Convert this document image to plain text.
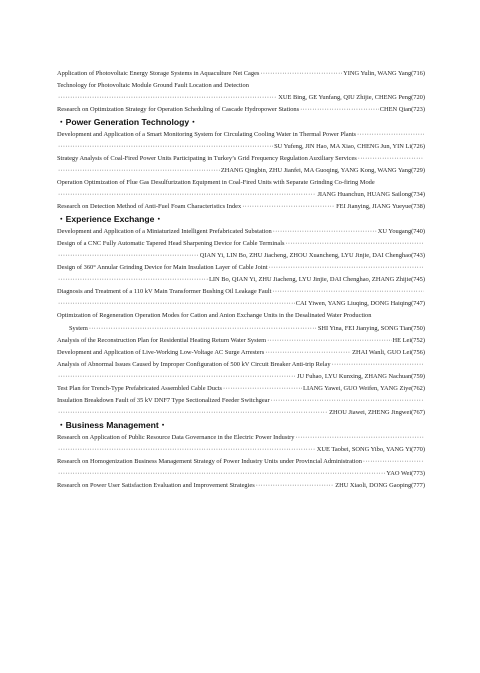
Application of Photovoltaic Energy Storage Systems in Aquaculture Net Cages ·····	YING Yulin, WANG Yang(716)
Technology for Photovoltaic Module Ground Fault Location and Detection
·····
XUE Bing, GE Yunfang, QIU Zhijie, CHENG Peng(720)
Research on Optimization Strategy for Operation Scheduling of Cascade Hydropower Stations ·····	CHEN Qian(723)
・Power Generation Technology・
Development and Application of a Smart Monitoring System for Circulating Cooling Water in Thermal Power Plants
·····
·····
SU Yufeng, JIN Hao, MA Xiao, CHENG Jun, YIN Li(726)
Strategy Analysis of Coal-Fired Power Units Participating in Turkey’s Grid Frequency Regulation Auxiliary Services
·····
·····
ZHANG Qingbin, ZHU Jianfei, MA Guoqing, YANG Kong, WANG Yang(729)
Operation Optimization of Flue Gas Desulfurization Equipment in Coal-Fired Units with Separate Grinding Co-firing Mode
·····
JIANG Huanchun, HUANG Sailong(734)
Research on Detection Method of Anti-Fuel Foam Characteristics Index ·····	FEI Jianying, JIANG Yueyue(738)
・Experience Exchange・
Development and Application of a Miniaturized Intelligent Prefabricated Substation ·····	XU Yougang(740)
Design of a CNC Fully Automatic Tapered Head Sharpening Device for Cable Terminals
·····
·····
QIAN Yi, LIN Bo, ZHU Jiacheng, ZHOU Xuancheng, LYU Jinjie, DAI Chenghao(743)
Design of 360° Annular Grinding Device for Main Insulation Layer of Cable Joint
·····
·····
LIN Bo, QIAN Yi, ZHU Jiacheng, LYU Jinjie, DAI Chenghao, ZHANG Zhijie(745)
Diagnosis and Treatment of a 110 kV Main Transformer Bushing Oil Leakage Fault
·····
·····
CAI Yiwen, YANG Liuqing, DONG Haiqing(747)
Optimization of Regeneration Operation Modes for Cation and Anion Exchange Units in the Desalinated Water Production
System ·····	SHI Yina, FEI Jianying, SONG Tian(750)
Analysis of the Reconstruction Plan for Residential Heating Return Water System ·····	HE Lei(752)
Development and Application of Live-Working Low-Voltage AC Surge Arresters ·····	ZHAI Wanli, GUO Lei(756)
Analysis of Abnormal Issues Caused by Improper Configuration of 500 kV Circuit Breaker Anti-trip Relay
·····
·····
JU Fuhao, LYU Kunxing, ZHANG Nachuan(759)
Test Plan for Trench-Type Prefabricated Assembled Cable Ducts ·····	LIANG Yawei, GUO Weifen, YANG Ziye(762)
Insulation Breakdown Fault of 35 kV DNF7 Type Sectionalized Feeder Switchgear
·····
·····
ZHOU Jiawei, ZHENG Jingwei(767)
・Business Management・
Research on Application of Public Resource Data Governance in the Electric Power Industry
·····
·····
XUE Taobei, SONG Yibo, YANG Yi(770)
Research on Homogenization Business Management Strategy of Power Industry Units under Provincial Administration
·····
·····
YAO Wei(773)
Research on Power User Satisfaction Evaluation and Improvement Strategies ·····	ZHU Xiaoli, DONG Gaoping(777)
